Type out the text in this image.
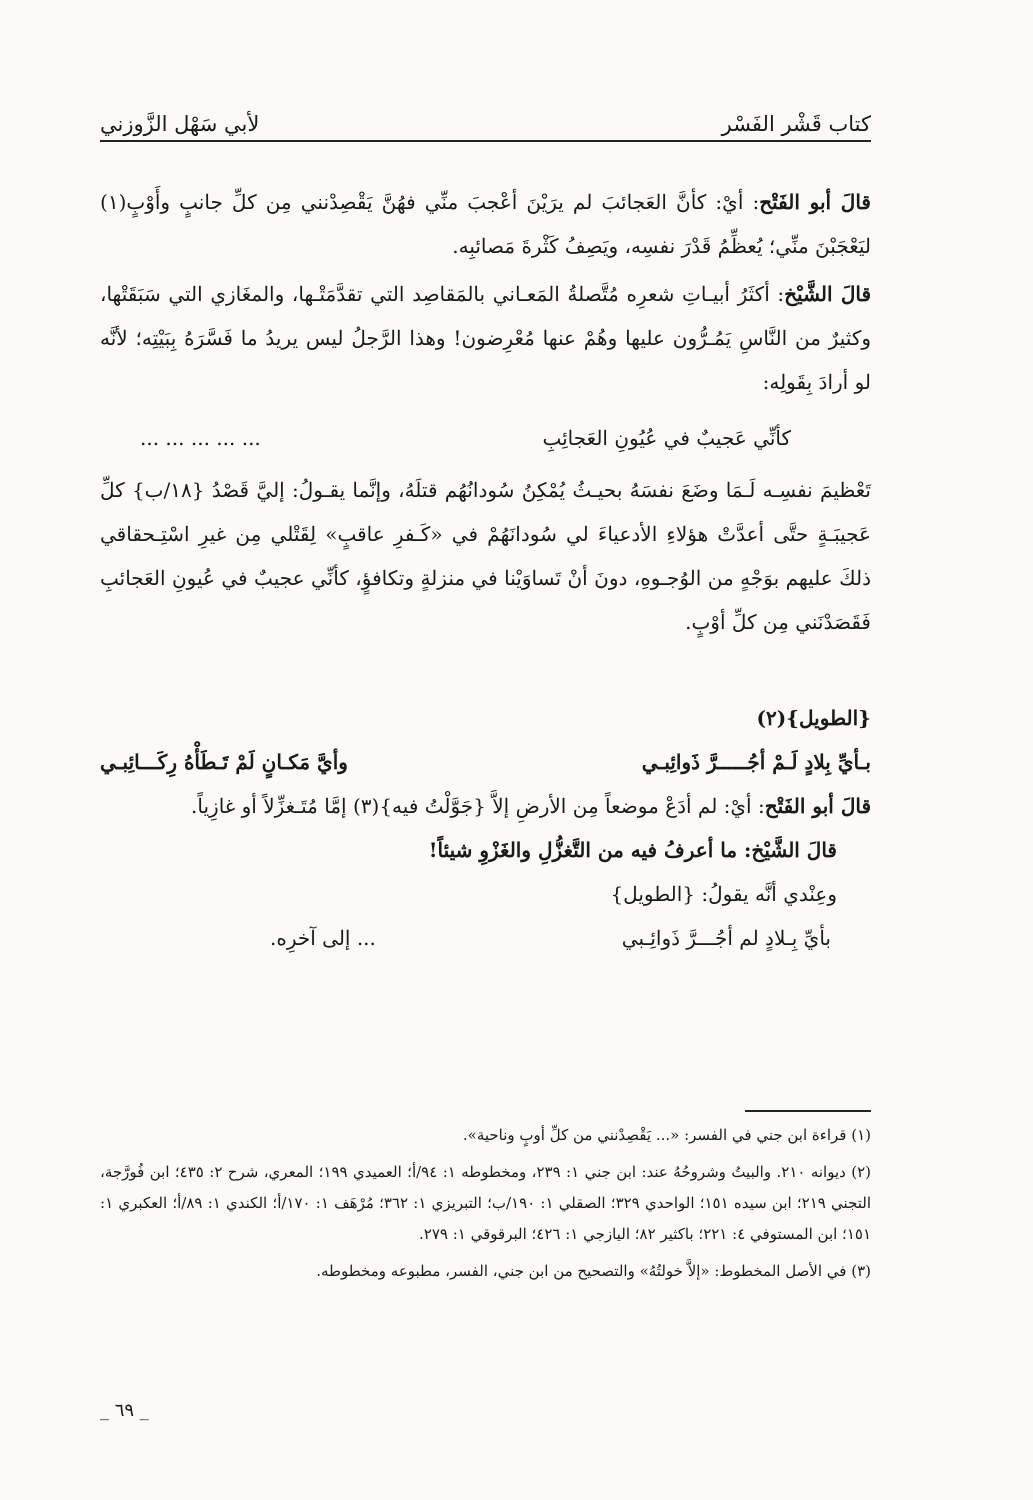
كتاب قَشْر الفَسْر
لأبي سَهْل الزَّوزني

قالَ أبو الفَتْح: أيْ: كأنَّ العَجائبَ لم يرَيْنَ أعْجبَ منِّي فهُنَّ يَقْصِدْنني مِن كلِّ جانبٍ وأَوْبٍ(١) ليَعْجَبْنَ منِّي؛ يُعظِّمُ قَدْرَ نفسِه، ويَصِفُ كَثْرةَ مَصائبِه.

قالَ الشَّيْخ: أكثَرُ أبيـاتِ شعرِه مُتَّصلةُ المَعـاني بالمَقاصِد التي تقدَّمَتْـها، والمغَازي التي سَبَقَتْها، وكثيرٌ من النَّاسِ يَمُـرُّون عليها وهُمْ عنها مُعْرِضون! وهذا الرَّجلُ ليس يريدُ ما فَسَّرَهُ بِبَيْتِه؛ لأنَّه لو أرادَ بِقَولِه:

كأنِّي عَجيبٌ في عُيُونِ العَجائِبِ
... ... ... ... ...

تَعْظيمَ نفسِـه لَـمَا وضَعَ نفسَهُ بحيـثُ يُمْكِنُ سُودانُهُم قتلَهُ، وإنَّما يقـولُ: إليَّ قَصْدُ {١٨/ب} كلِّ عَجيبَـةٍ حتَّى أعدَّتْ هؤلاءِ الأدعياءَ لي سُودانَهُمْ في «كَـفرِ عاقبٍ» لِقَتْلي مِن غيرِ اسْتِـحقاقي ذلكَ عليهم بوَجْهٍ من الوُجـوهِ، دونَ أنْ تَساوَيْنا في منزلةٍ وتكافؤٍ، كأنِّي عجيبٌ في عُيونِ العَجائبِ فَقَصَدْنَني مِن كلِّ أوْبٍ.

{الطويل}(٢)

بـأيِّ بِلادٍ لَـمْ أجُـــــرَّ ذَوائِبـي
وأيَّ مَكـانٍ لَمْ تَـطَأْهُ رِكَـــائِبـي

قالَ أبو الفَتْح: أيْ: لم أدَعْ موضعاً مِن الأرضِ إلاَّ {جَوَّلْتُ فيه}(٣) إمَّا مُتَـغزِّلاً أو غازِياً.

قالَ الشَّيْخ: ما أعرفُ فيه من التَّغزُّلِ والغَزْوِ شيئاً!

وعِنْدي أنَّه يقولُ: {الطويل}

بأيِّ بِـلادٍ لم أجُـــرَّ ذَوائِـبي
... إلى آخرِه.

(١) قراءة ابن جني في الفسر: «... يَقْصِدْنني من كلِّ أوبٍ وناحية».

(٢) ديوانه ٢١٠. والبيتُ وشروحُهُ عند: ابن جني ١: ٢٣٩، ومخطوطه ١: ٩٤/أ؛ العميدي ١٩٩؛ المعري، شرح ٢: ٤٣٥؛ ابن فُورَّجة، التجني ٢١٩؛ ابن سيده ١٥١؛ الواحدي ٣٢٩؛ الصقلي ١: ١٩٠/ب؛ التبريزي ١: ٣٦٢؛ مُرْهَف ١: ١٧٠/أ؛ الكندي ١: ٨٩/أ؛ العكبري ١: ١٥١؛ ابن المستوفي ٤: ٢٢١؛ باكثير ٨٢؛ اليازجي ١: ٤٢٦؛ البرقوقي ١: ٢٧٩.

(٣) في الأصل المخطوط: «إلاَّ خولتُهُ» والتصحيح من ابن جني، الفسر، مطبوعه ومخطوطه.

_ ٦٩ _
